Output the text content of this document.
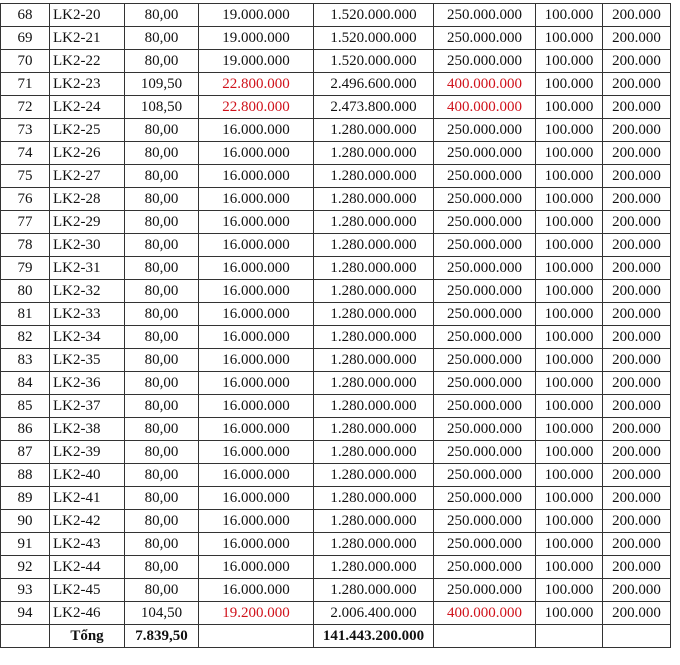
68	LK2-20	80,00	19.000.000	1.520.000.000	250.000.000	100.000	200.000
69	LK2-21	80,00	19.000.000	1.520.000.000	250.000.000	100.000	200.000
70	LK2-22	80,00	19.000.000	1.520.000.000	250.000.000	100.000	200.000
71	LK2-23	109,50	22.800.000	2.496.600.000	400.000.000	100.000	200.000
72	LK2-24	108,50	22.800.000	2.473.800.000	400.000.000	100.000	200.000
73	LK2-25	80,00	16.000.000	1.280.000.000	250.000.000	100.000	200.000
74	LK2-26	80,00	16.000.000	1.280.000.000	250.000.000	100.000	200.000
75	LK2-27	80,00	16.000.000	1.280.000.000	250.000.000	100.000	200.000
76	LK2-28	80,00	16.000.000	1.280.000.000	250.000.000	100.000	200.000
77	LK2-29	80,00	16.000.000	1.280.000.000	250.000.000	100.000	200.000
78	LK2-30	80,00	16.000.000	1.280.000.000	250.000.000	100.000	200.000
79	LK2-31	80,00	16.000.000	1.280.000.000	250.000.000	100.000	200.000
80	LK2-32	80,00	16.000.000	1.280.000.000	250.000.000	100.000	200.000
81	LK2-33	80,00	16.000.000	1.280.000.000	250.000.000	100.000	200.000
82	LK2-34	80,00	16.000.000	1.280.000.000	250.000.000	100.000	200.000
83	LK2-35	80,00	16.000.000	1.280.000.000	250.000.000	100.000	200.000
84	LK2-36	80,00	16.000.000	1.280.000.000	250.000.000	100.000	200.000
85	LK2-37	80,00	16.000.000	1.280.000.000	250.000.000	100.000	200.000
86	LK2-38	80,00	16.000.000	1.280.000.000	250.000.000	100.000	200.000
87	LK2-39	80,00	16.000.000	1.280.000.000	250.000.000	100.000	200.000
88	LK2-40	80,00	16.000.000	1.280.000.000	250.000.000	100.000	200.000
89	LK2-41	80,00	16.000.000	1.280.000.000	250.000.000	100.000	200.000
90	LK2-42	80,00	16.000.000	1.280.000.000	250.000.000	100.000	200.000
91	LK2-43	80,00	16.000.000	1.280.000.000	250.000.000	100.000	200.000
92	LK2-44	80,00	16.000.000	1.280.000.000	250.000.000	100.000	200.000
93	LK2-45	80,00	16.000.000	1.280.000.000	250.000.000	100.000	200.000
94	LK2-46	104,50	19.200.000	2.006.400.000	400.000.000	100.000	200.000
	Tổng	7.839,50		141.443.200.000			
